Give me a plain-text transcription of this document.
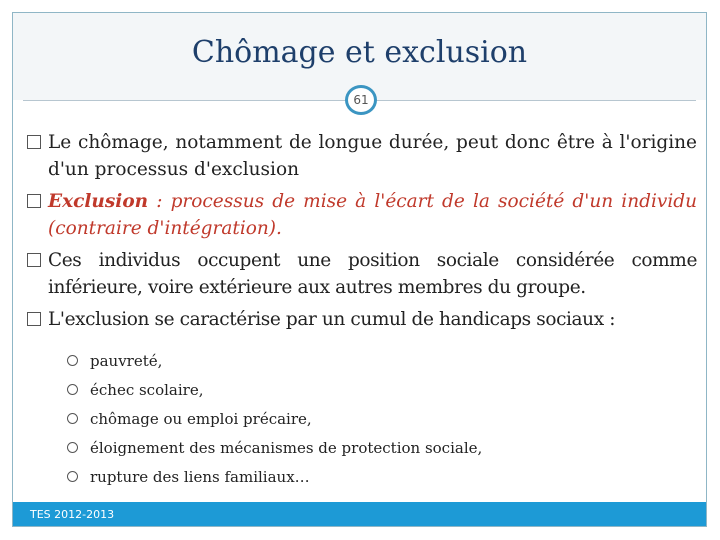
Chômage et exclusion
61
Le chômage, notamment de longue durée, peut donc être à l'origine d'un processus d'exclusion
Exclusion : processus de mise à l'écart de la société d'un individu (contraire d'intégration).
Ces individus occupent une position sociale considérée comme inférieure, voire extérieure aux autres membres du groupe.
L'exclusion se caractérise par un cumul de handicaps sociaux :
pauvreté,
échec scolaire,
chômage ou emploi précaire,
éloignement des mécanismes de protection sociale,
rupture des liens familiaux…
TES 2012-2013
